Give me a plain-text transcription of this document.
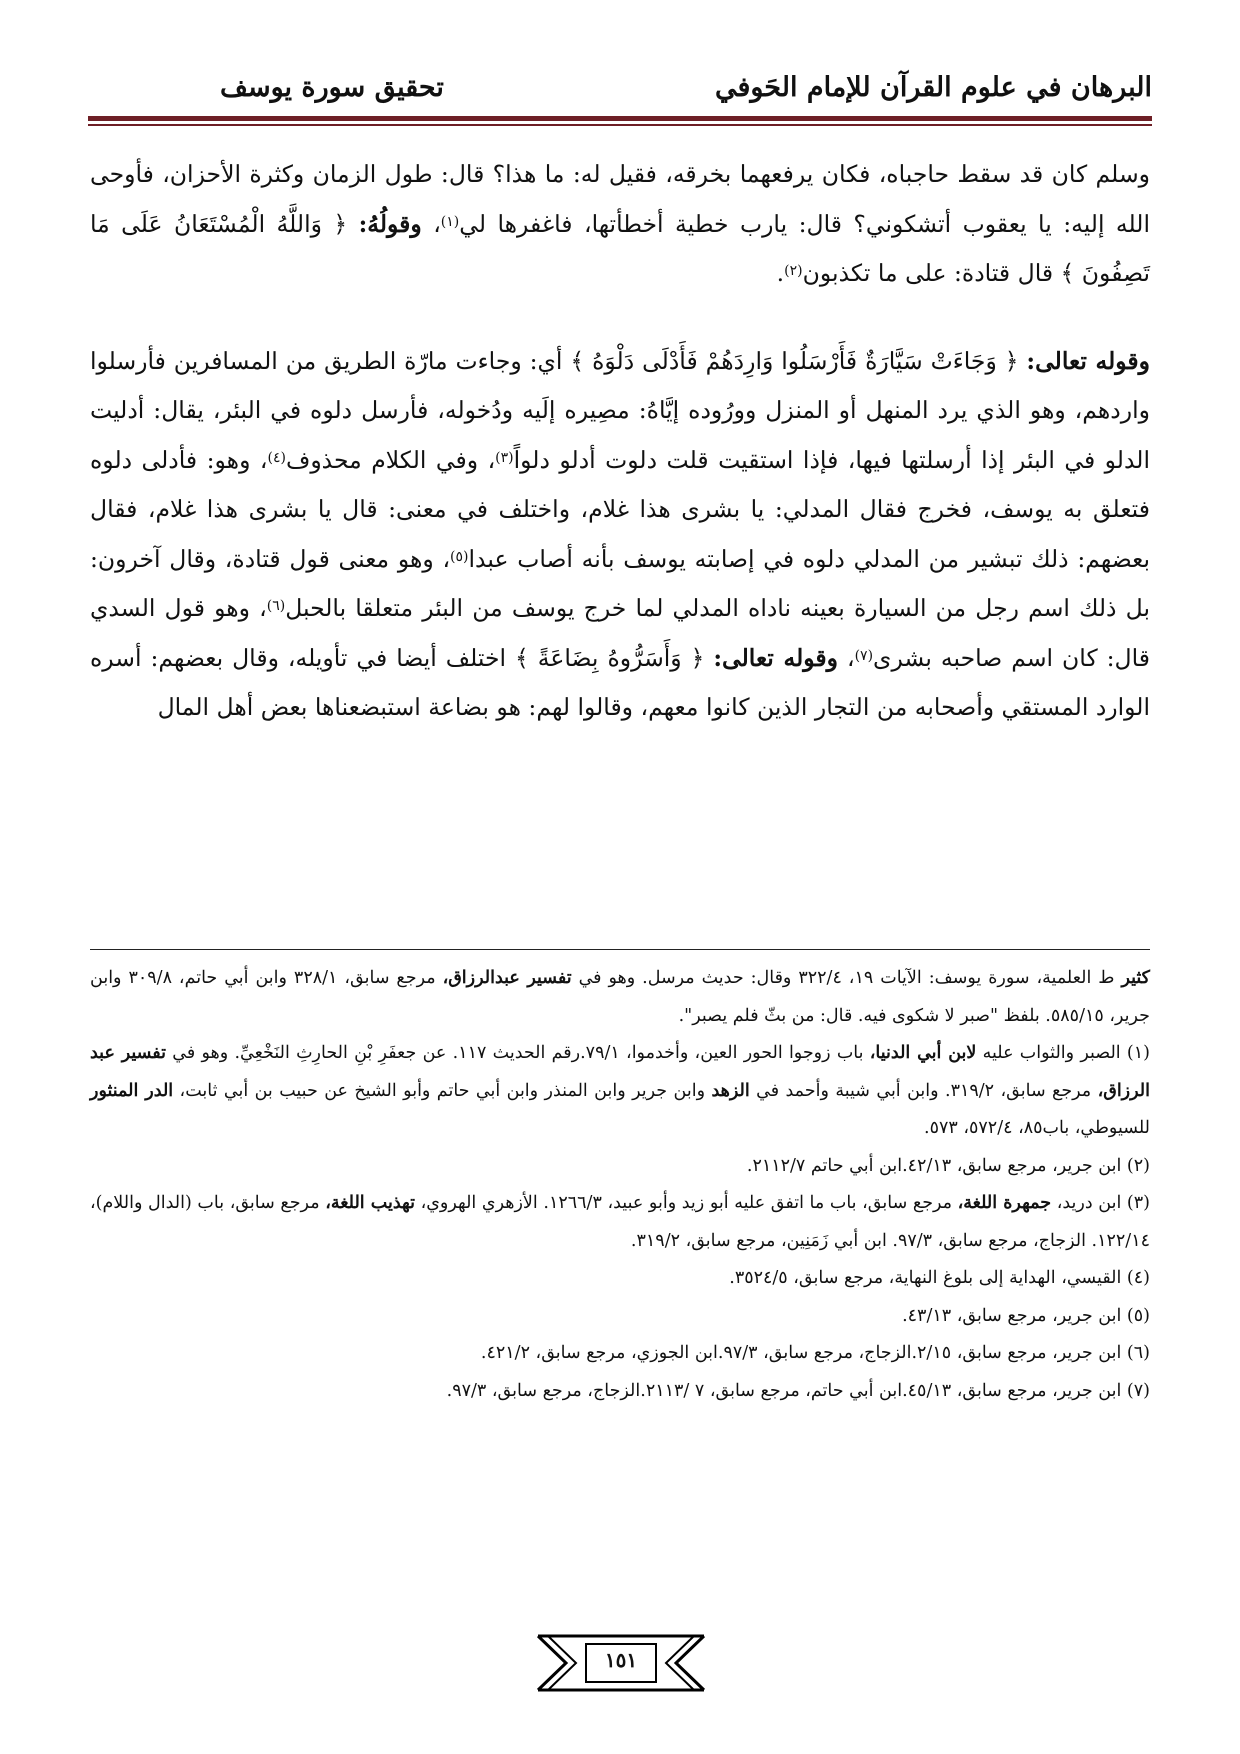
البرهان في علوم القرآن للإمام الحَوفي
تحقيق سورة يوسف

وسلم كان قد سقط حاجباه، فكان يرفعهما بخرقه، فقيل له: ما هذا؟ قال: طول الزمان وكثرة الأحزان، فأوحى الله إليه: يا يعقوب أتشكوني؟ قال: يارب خطية أخطأتها، فاغفرها لي$^{(١)}$، وقولُهُ: ﴿ وَاللَّهُ الْمُسْتَعَانُ عَلَى مَا تَصِفُونَ ﴾ قال قتادة: على ما تكذبون$^{(٢)}$.

وقوله تعالى: ﴿ وَجَاءَتْ سَيَّارَةٌ فَأَرْسَلُوا وَارِدَهُمْ فَأَدْلَى دَلْوَهُ ﴾ أي: وجاءت مارّة الطريق من المسافرين فأرسلوا واردهم، وهو الذي يرد المنهل أو المنزل وورُوده إيَّاهُ: مصِيره إلَيه ودُخوله، فأرسل دلوه في البئر، يقال: أدليت الدلو في البئر إذا أرسلتها فيها، فإذا استقيت قلت دلوت أدلو دلواً$^{(٣)}$، وفي الكلام محذوف$^{(٤)}$، وهو: فأدلى دلوه فتعلق به يوسف، فخرج فقال المدلي: يا بشرى هذا غلام، واختلف في معنى: قال يا بشرى هذا غلام، فقال بعضهم: ذلك تبشير من المدلي دلوه في إصابته يوسف بأنه أصاب عبدا$^{(٥)}$، وهو معنى قول قتادة، وقال آخرون: بل ذلك اسم رجل من السيارة بعينه ناداه المدلي لما خرج يوسف من البئر متعلقا بالحبل$^{(٦)}$، وهو قول السدي قال: كان اسم صاحبه بشرى$^{(٧)}$، وقوله تعالى: ﴿ وَأَسَرُّوهُ بِضَاعَةً ﴾ اختلف أيضا في تأويله، وقال بعضهم: أسره الوارد المستقي وأصحابه من التجار الذين كانوا معهم، وقالوا لهم: هو بضاعة استبضعناها بعض أهل المال

كثير ط العلمية، سورة يوسف: الآيات ١٩، ٣٢٢/٤ وقال: حديث مرسل. وهو في تفسير عبدالرزاق، مرجع سابق، ٣٢٨/١ وابن أبي حاتم، ٣٠٩/٨ وابن جرير، ٥٨٥/١٥. بلفظ "صبر لا شكوى فيه. قال: من بثّ فلم يصبر".

(١) الصبر والثواب عليه لابن أبي الدنيا، باب زوجوا الحور العين، وأخدموا، ٧٩/١.رقم الحديث ١١٧. عن جعفَرِ بْنِ الحارِثِ النَخْعِيِّ. وهو في تفسير عبد الرزاق، مرجع سابق، ٣١٩/٢. وابن أبي شيبة وأحمد في الزهد وابن جرير وابن المنذر وابن أبي حاتم وأبو الشيخ عن حبيب بن أبي ثابت، الدر المنثور للسيوطي، باب٨٥، ٥٧٢/٤، ٥٧٣.

(٢) ابن جرير، مرجع سابق، ٤٢/١٣.ابن أبي حاتم ٢١١٢/٧.

(٣) ابن دريد، جمهرة اللغة، مرجع سابق، باب ما اتفق عليه أبو زيد وأبو عبيد، ١٢٦٦/٣. الأزهري الهروي، تهذيب اللغة، مرجع سابق، باب (الدال واللام)، ١٢٢/١٤. الزجاج، مرجع سابق، ٩٧/٣. ابن أبي زَمَنِين، مرجع سابق، ٣١٩/٢.

(٤) القيسي، الهداية إلى بلوغ النهاية، مرجع سابق، ٣٥٢٤/٥.

(٥) ابن جرير، مرجع سابق، ٤٣/١٣.

(٦) ابن جرير، مرجع سابق، ٢/١٥.الزجاج، مرجع سابق، ٩٧/٣.ابن الجوزي، مرجع سابق، ٤٢١/٢.

(٧) ابن جرير، مرجع سابق، ٤٥/١٣.ابن أبي حاتم، مرجع سابق، ٧ /٢١١٣.الزجاج، مرجع سابق، ٩٧/٣.

١٥١
